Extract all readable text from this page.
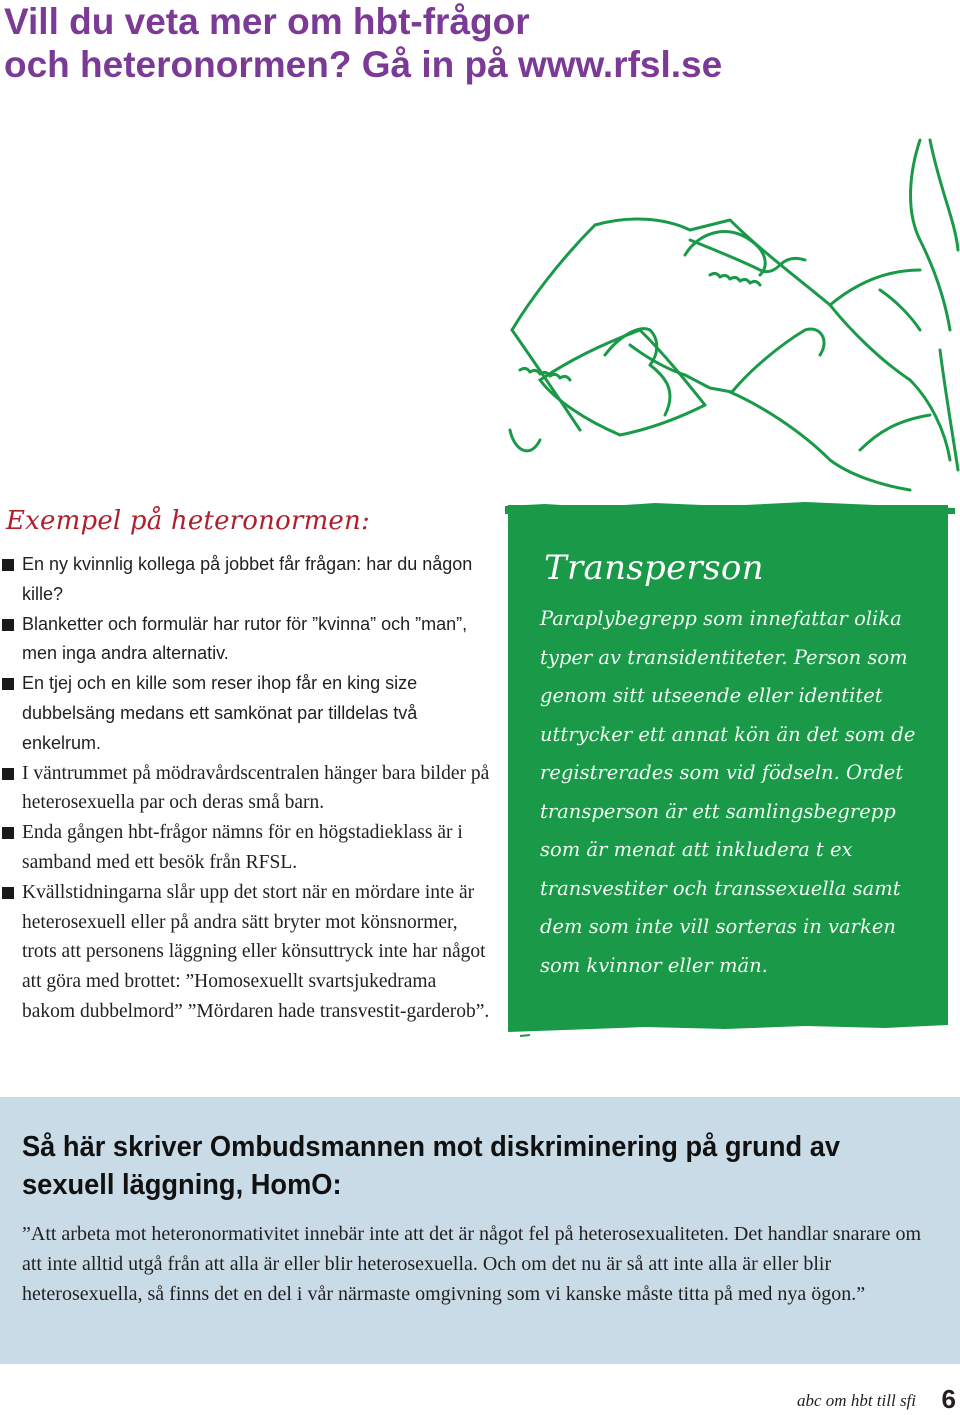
Vill du veta mer om hbt-frågor
och heteronormen? Gå in på www.rfsl.se
Exempel på heteronormen:
En ny kvinnlig kollega på jobbet får frågan: har du någon kille?
Blanketter och formulär har rutor för ”kvinna” och ”man”, men inga andra alternativ.
En tjej och en kille som reser ihop får en king size dubbelsäng medans ett samkönat par tilldelas två enkelrum.
I väntrummet på mödravårdscentralen hänger bara bilder på heterosexuella par och deras små barn.
Enda gången hbt-frågor nämns för en högstadieklass är i samband med ett besök från RFSL.
Kvällstidningarna slår upp det stort när en mördare inte är heterosexuell eller på andra sätt bryter mot könsnormer, trots att personens läggning eller könsuttryck inte har något att göra med brottet: ”Homosexuellt svartsjukedrama bakom dubbelmord” ”Mördaren hade transvestit-garderob”.
Transperson

Paraplybegrepp som innefattar olika typer av transidentiteter. Person som genom sitt utseende eller identitet uttrycker ett annat kön än det som de registrerades som vid födseln. Ordet transperson är ett samlingsbegrepp som är menat att inkludera t ex transvestiter och transsexuella samt dem som inte vill sorteras in varken som kvinnor eller män.

Så här skriver Ombudsmannen mot diskriminering på grund av sexuell läggning, HomO:

”Att arbeta mot heteronormativitet innebär inte att det är något fel på heterosexualiteten. Det handlar snarare om att inte alltid utgå från att alla är eller blir heterosexuella. Och om det nu är så att inte alla är eller blir heterosexuella, så finns det en del i vår närmaste omgivning som vi kanske måste titta på med nya ögon.”

abc om hbt till sfi 6
